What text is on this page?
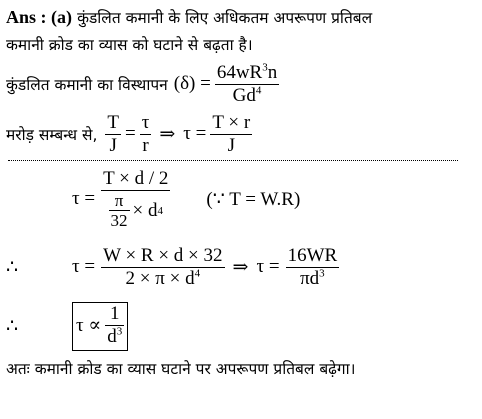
Ans : (a) कुंडलित कमानी के लिए अधिकतम अपरूपण प्रतिबल
कमानी क्रोड का व्यास को घटाने से बढ़ता है।
कुंडलित कमानी का विस्थापन $(\delta) = \frac{64wR^3n}{Gd^4}$
मरोड़ सम्बन्ध से, $\frac{T}{J} = \frac{\tau}{r}$ ⇒ $\tau = \frac{T \times r}{J}$
$\tau = \frac{T \times d / 2}{\frac{\pi}{32} \times d 4}$ (∵ T = W.R)
∴	$\tau = \frac{W \times R \times d \times 32}{2 \times \pi \times d^4}$ ⇒ $\tau = \frac{16WR}{\pi d^3}$
∴	$\tau \propto \frac{1}{d^3}$
अतः कमानी क्रोड का व्यास घटाने पर अपरूपण प्रतिबल बढ़ेगा।
